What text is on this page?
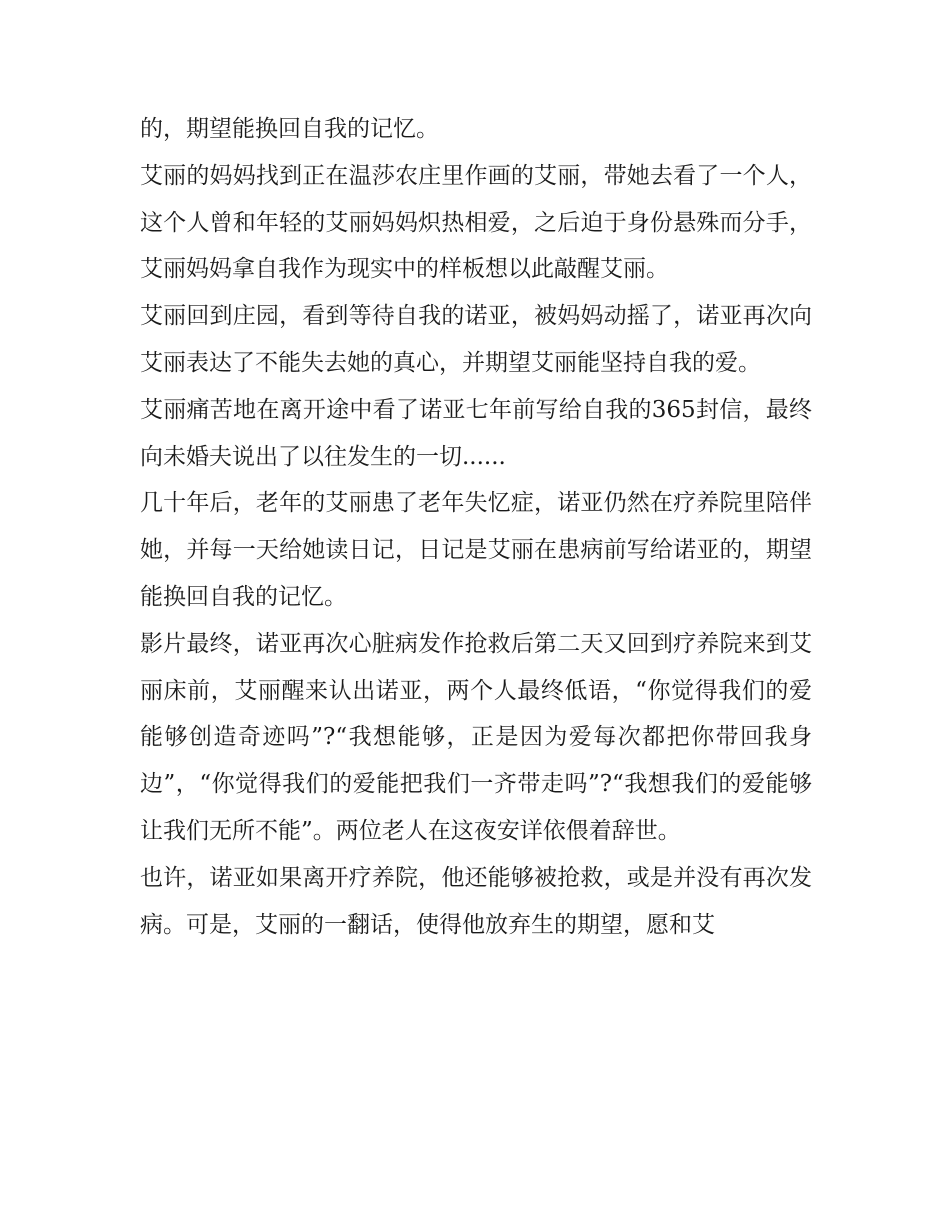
的，期望能换回自我的记忆。

艾丽的妈妈找到正在温莎农庄里作画的艾丽，带她去看了一个人，这个人曾和年轻的艾丽妈妈炽热相爱，之后迫于身份悬殊而分手，艾丽妈妈拿自我作为现实中的样板想以此敲醒艾丽。

艾丽回到庄园，看到等待自我的诺亚，被妈妈动摇了，诺亚再次向艾丽表达了不能失去她的真心，并期望艾丽能坚持自我的爱。

艾丽痛苦地在离开途中看了诺亚七年前写给自我的365封信，最终向未婚夫说出了以往发生的一切......

几十年后，老年的艾丽患了老年失忆症，诺亚仍然在疗养院里陪伴她，并每一天给她读日记，日记是艾丽在患病前写给诺亚的，期望能换回自我的记忆。

影片最终，诺亚再次心脏病发作抢救后第二天又回到疗养院来到艾丽床前，艾丽醒来认出诺亚，两个人最终低语，“你觉得我们的爱能够创造奇迹吗”?“我想能够，正是因为爱每次都把你带回我身边”，“你觉得我们的爱能把我们一齐带走吗”?“我想我们的爱能够让我们无所不能”。两位老人在这夜安详依偎着辞世。

也许，诺亚如果离开疗养院，他还能够被抢救，或是并没有再次发病。可是，艾丽的一翻话，使得他放弃生的期望，愿和艾
